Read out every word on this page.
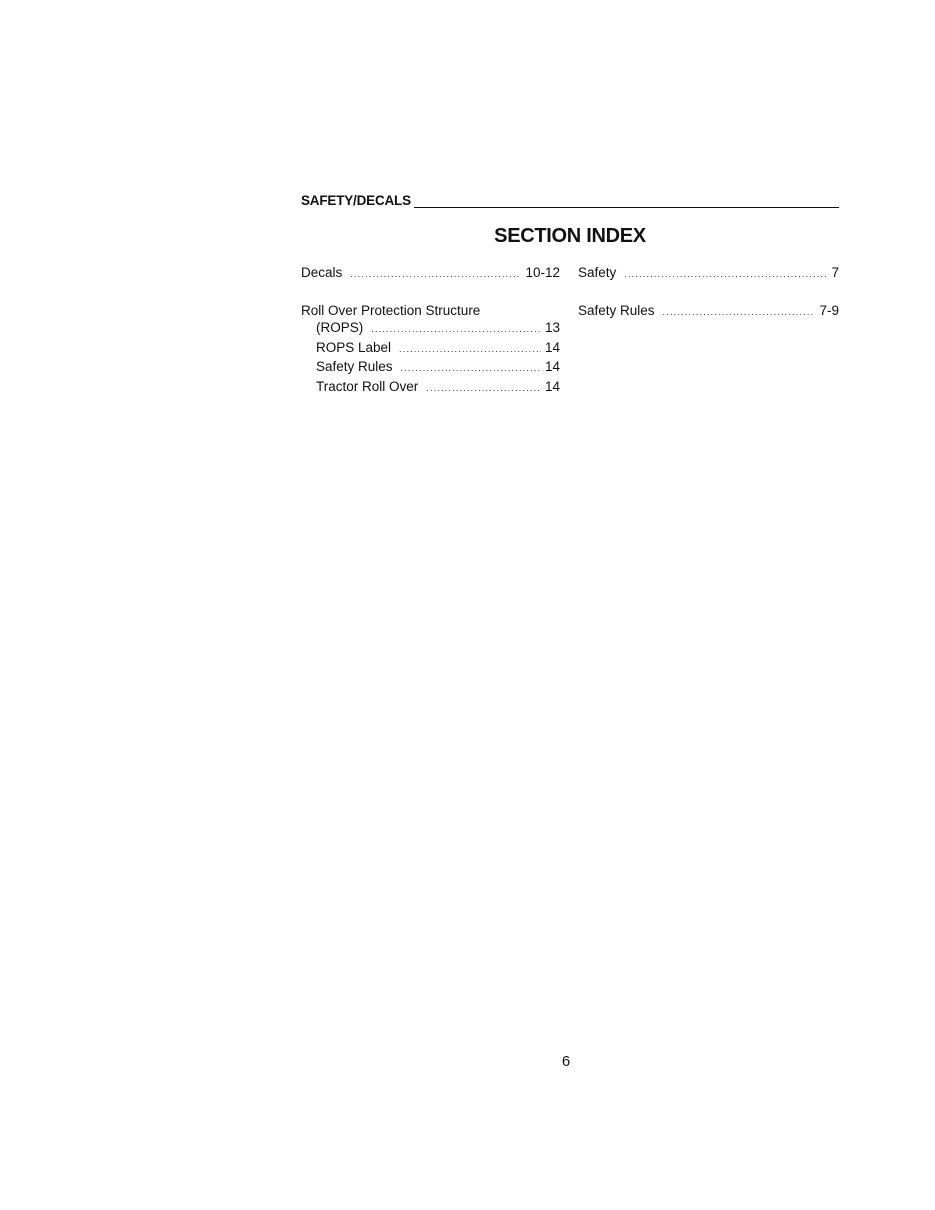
SAFETY/DECALS
SECTION INDEX
Decals .....	10-12
Roll Over Protection Structure
(ROPS) .....	13
ROPS Label .....	14
Safety Rules .....	14
Tractor Roll Over .....	14
Safety .....	7
Safety Rules .....	7-9
6
